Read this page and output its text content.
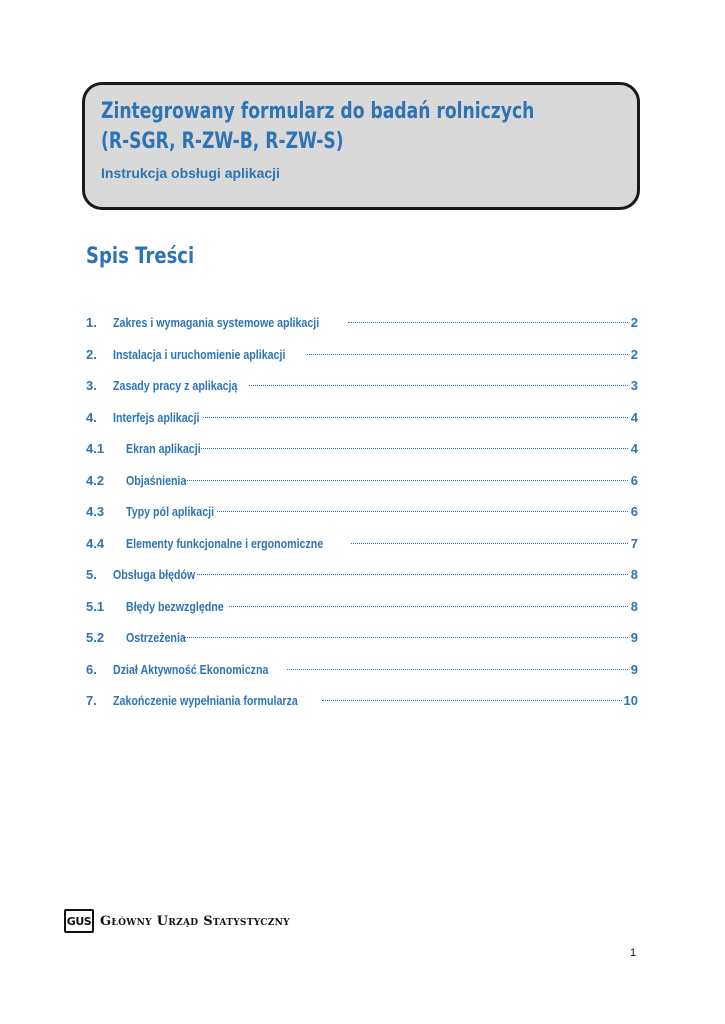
Zintegrowany formularz do badań rolniczych
(R-SGR, R-ZW-B, R-ZW-S)
Instrukcja obsługi aplikacji
Spis Treści
1.	Zakres i wymagania systemowe aplikacji	2
2.	Instalacja i uruchomienie aplikacji	2
3.	Zasady pracy z aplikacją	3
4.	Interfejs aplikacji	4
4.1	Ekran aplikacji	4
4.2	Objaśnienia	6
4.3	Typy pól aplikacji	6
4.4	Elementy funkcjonalne i ergonomiczne	7
5.	Obsługa błędów	8
5.1	Błędy bezwzględne	8
5.2	Ostrzeżenia	9
6.	Dział Aktywność Ekonomiczna	9
7.	Zakończenie wypełniania formularza	10
GUS Główny Urząd Statystyczny
1
